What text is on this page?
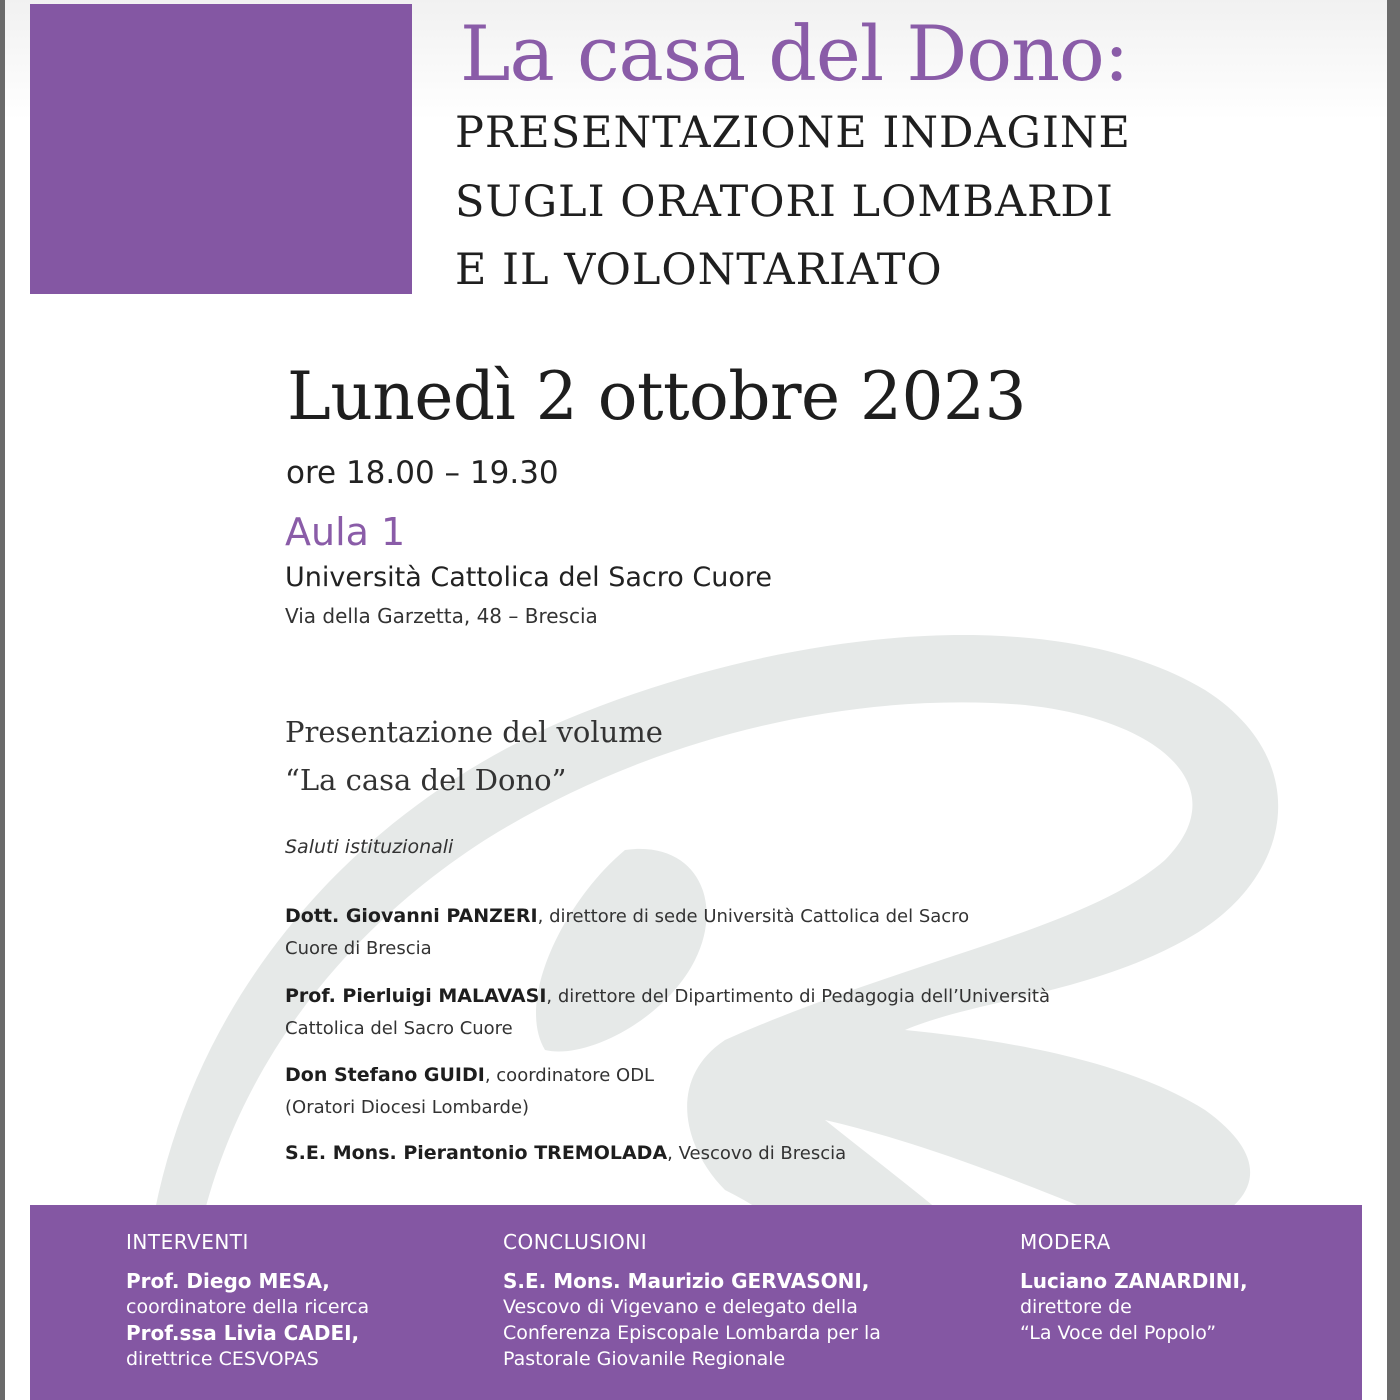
La casa del Dono:
PRESENTAZIONE INDAGINE
SUGLI ORATORI LOMBARDI
E IL VOLONTARIATO
Lunedì 2 ottobre 2023
ore 18.00 – 19.30
Aula 1
Università Cattolica del Sacro Cuore
Via della Garzetta, 48 – Brescia
Presentazione del volume
“La casa del Dono”
Saluti istituzionali
Dott. Giovanni PANZERI, direttore di sede Università Cattolica del Sacro
Cuore di Brescia
Prof. Pierluigi MALAVASI, direttore del Dipartimento di Pedagogia dell’Università
Cattolica del Sacro Cuore
Don Stefano GUIDI, coordinatore ODL
(Oratori Diocesi Lombarde)
S.E. Mons. Pierantonio TREMOLADA, Vescovo di Brescia
INTERVENTI
Prof. Diego MESA,
coordinatore della ricerca
Prof.ssa Livia CADEI,
direttrice CESVOPAS
CONCLUSIONI
S.E. Mons. Maurizio GERVASONI,
Vescovo di Vigevano e delegato della
Conferenza Episcopale Lombarda per la
Pastorale Giovanile Regionale
MODERA
Luciano ZANARDINI,
direttore de
“La Voce del Popolo”
